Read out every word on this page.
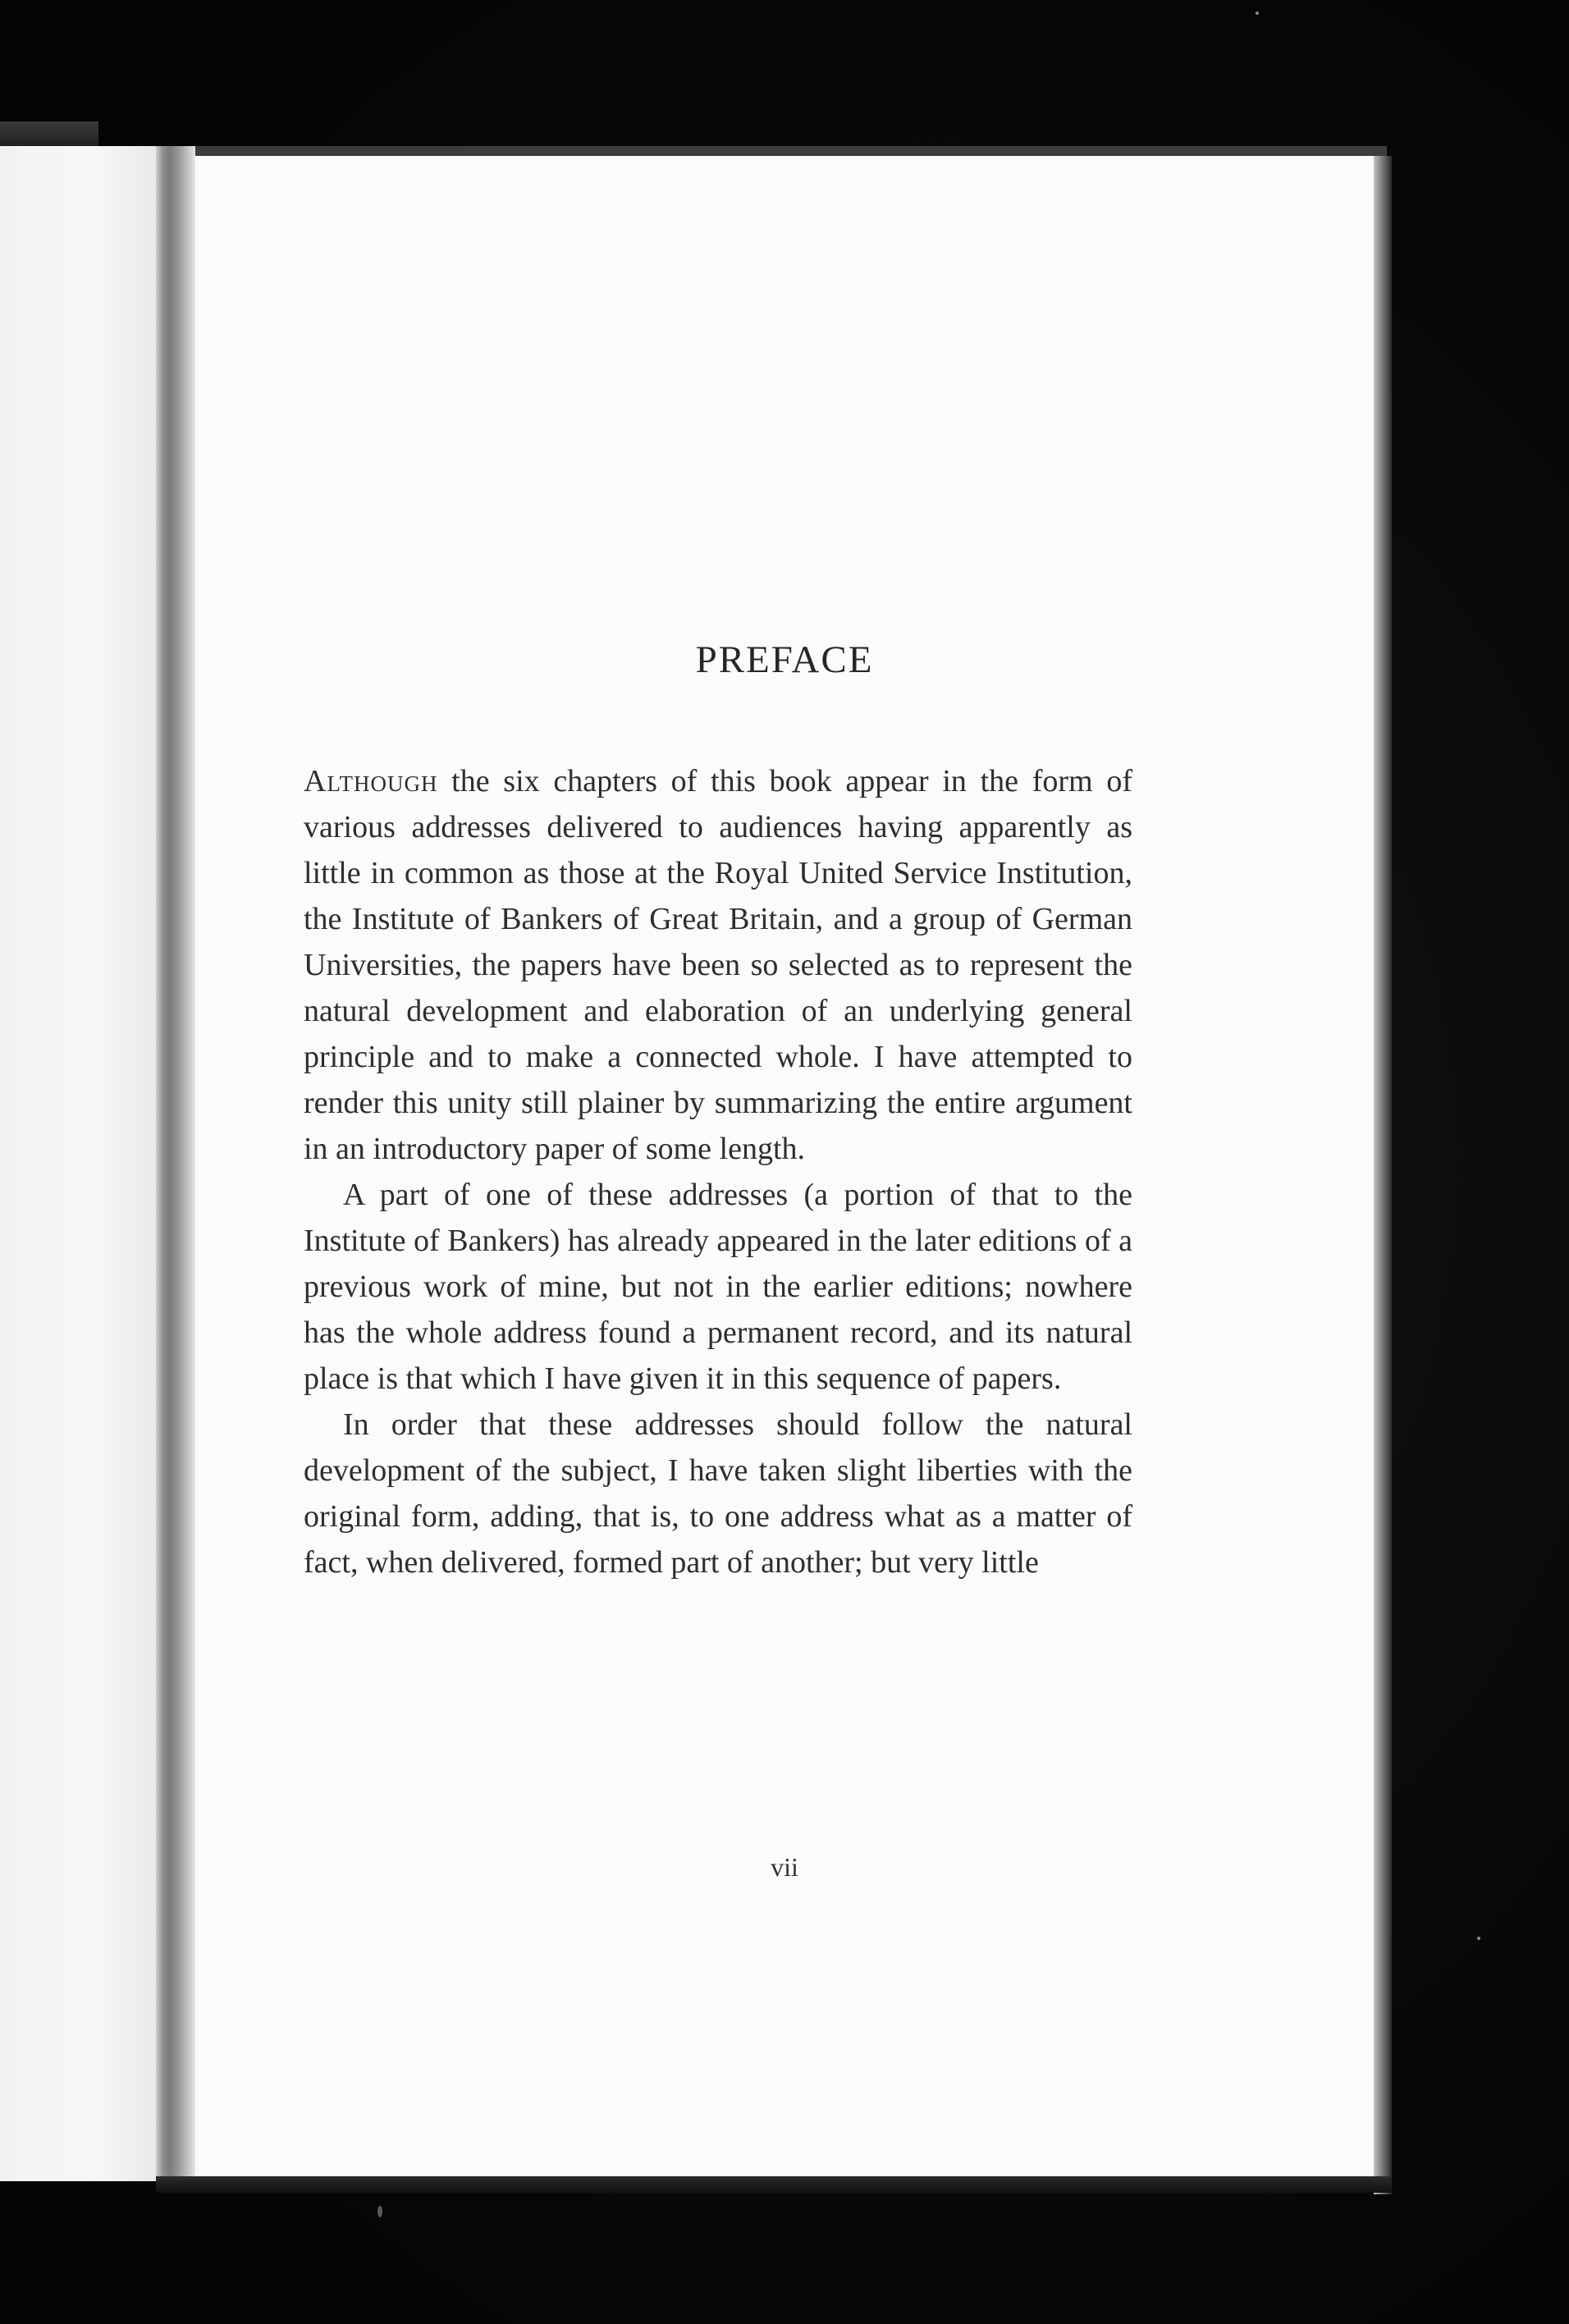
PREFACE

Although the six chapters of this book appear in the form of various addresses delivered to audiences having apparently as little in common as those at the Royal United Service Institution, the Institute of Bankers of Great Britain, and a group of German Universities, the papers have been so selected as to represent the natural development and elaboration of an underlying general principle and to make a connected whole. I have attempted to render this unity still plainer by summarizing the entire argument in an introductory paper of some length.

A part of one of these addresses (a portion of that to the Institute of Bankers) has already appeared in the later editions of a previous work of mine, but not in the earlier editions; nowhere has the whole address found a permanent record, and its natural place is that which I have given it in this sequence of papers.

In order that these addresses should follow the natural development of the subject, I have taken slight liberties with the original form, adding, that is, to one address what as a matter of fact, when delivered, formed part of another; but very little

vii
